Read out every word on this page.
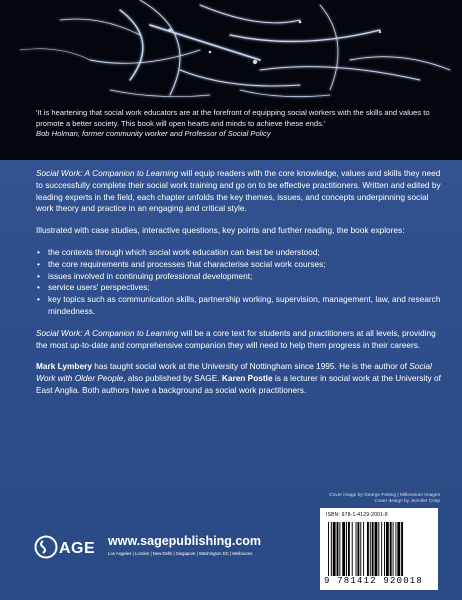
'It is heartening that social work educators are at the forefront of equipping social workers with the skills and values to promote a better society. This book will open hearts and minds to achieve these ends.'
Bob Holman, former community worker and Professor of Social Policy

Social Work: A Companion to Learning will equip readers with the core knowledge, values and skills they need to successfully complete their social work training and go on to be effective practitioners. Written and edited by leading experts in the field, each chapter unfolds the key themes, issues, and concepts underpinning social work theory and practice in an engaging and critical style.

Illustrated with case studies, interactive questions, key points and further reading, the book explores:

• the contexts through which social work education can best be understood;
• the core requirements and processes that characterise social work courses;
• issues involved in continuing professional development;
• service users' perspectives;
• key topics such as communication skills, partnership working, supervision, management, law, and research mindedness.

Social Work: A Companion to Learning will be a core text for students and practitioners at all levels, providing the most up-to-date and comprehensive companion they will need to help them progress in their careers.

Mark Lymbery has taught social work at the University of Nottingham since 1995. He is the author of Social Work with Older People, also published by SAGE. Karen Postle is a lecturer in social work at the University of East Anglia. Both authors have a background as social work practitioners.

Cover image by George Fetting | Millennium Images
Cover design by Jennifer Crisp
ISBN: 978-1-4129-2001-8
9 781412 920018
AGE www.sagepublishing.com
Los Angeles | London | New Delhi | Singapore | Washington DC | Melbourne
